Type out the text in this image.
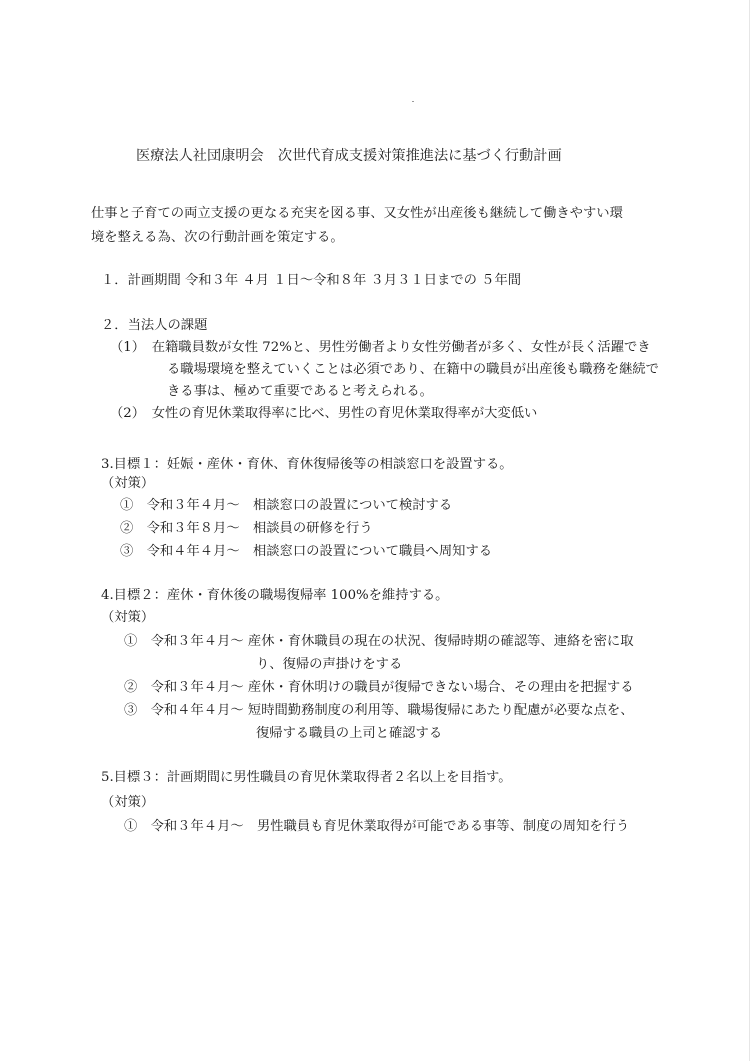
医療法人社団康明会　次世代育成支援対策推進法に基づく行動計画
仕事と子育ての両立支援の更なる充実を図る事、又女性が出産後も継続して働きやすい環
境を整える為、次の行動計画を策定する。
１．計画期間 令和３年 ４月 １日～令和８年 ３月３１日までの ５年間
２．当法人の課題
（1）　在籍職員数が女性 72%と、男性労働者より女性労働者が多く、女性が長く活躍でき
る職場環境を整えていくことは必須であり、在籍中の職員が出産後も職務を継続で
きる事は、極めて重要であると考えられる。
（2）　女性の育児休業取得率に比べ、男性の育児休業取得率が大変低い
3.目標１：妊娠・産休・育休、育休復帰後等の相談窓口を設置する。
（対策）
①　令和３年４月～　相談窓口の設置について検討する
②　令和３年８月～　相談員の研修を行う
③　令和４年４月～　相談窓口の設置について職員へ周知する
4.目標２：産休・育休後の職場復帰率 100%を維持する。
（対策）
①　令和３年４月～ 産休・育休職員の現在の状況、復帰時期の確認等、連絡を密に取
り、復帰の声掛けをする
②　令和３年４月～ 産休・育休明けの職員が復帰できない場合、その理由を把握する
③　令和４年４月～ 短時間勤務制度の利用等、職場復帰にあたり配慮が必要な点を、
復帰する職員の上司と確認する
5.目標３：計画期間に男性職員の育児休業取得者２名以上を目指す。
（対策）
①　令和３年４月～　男性職員も育児休業取得が可能である事等、制度の周知を行う
